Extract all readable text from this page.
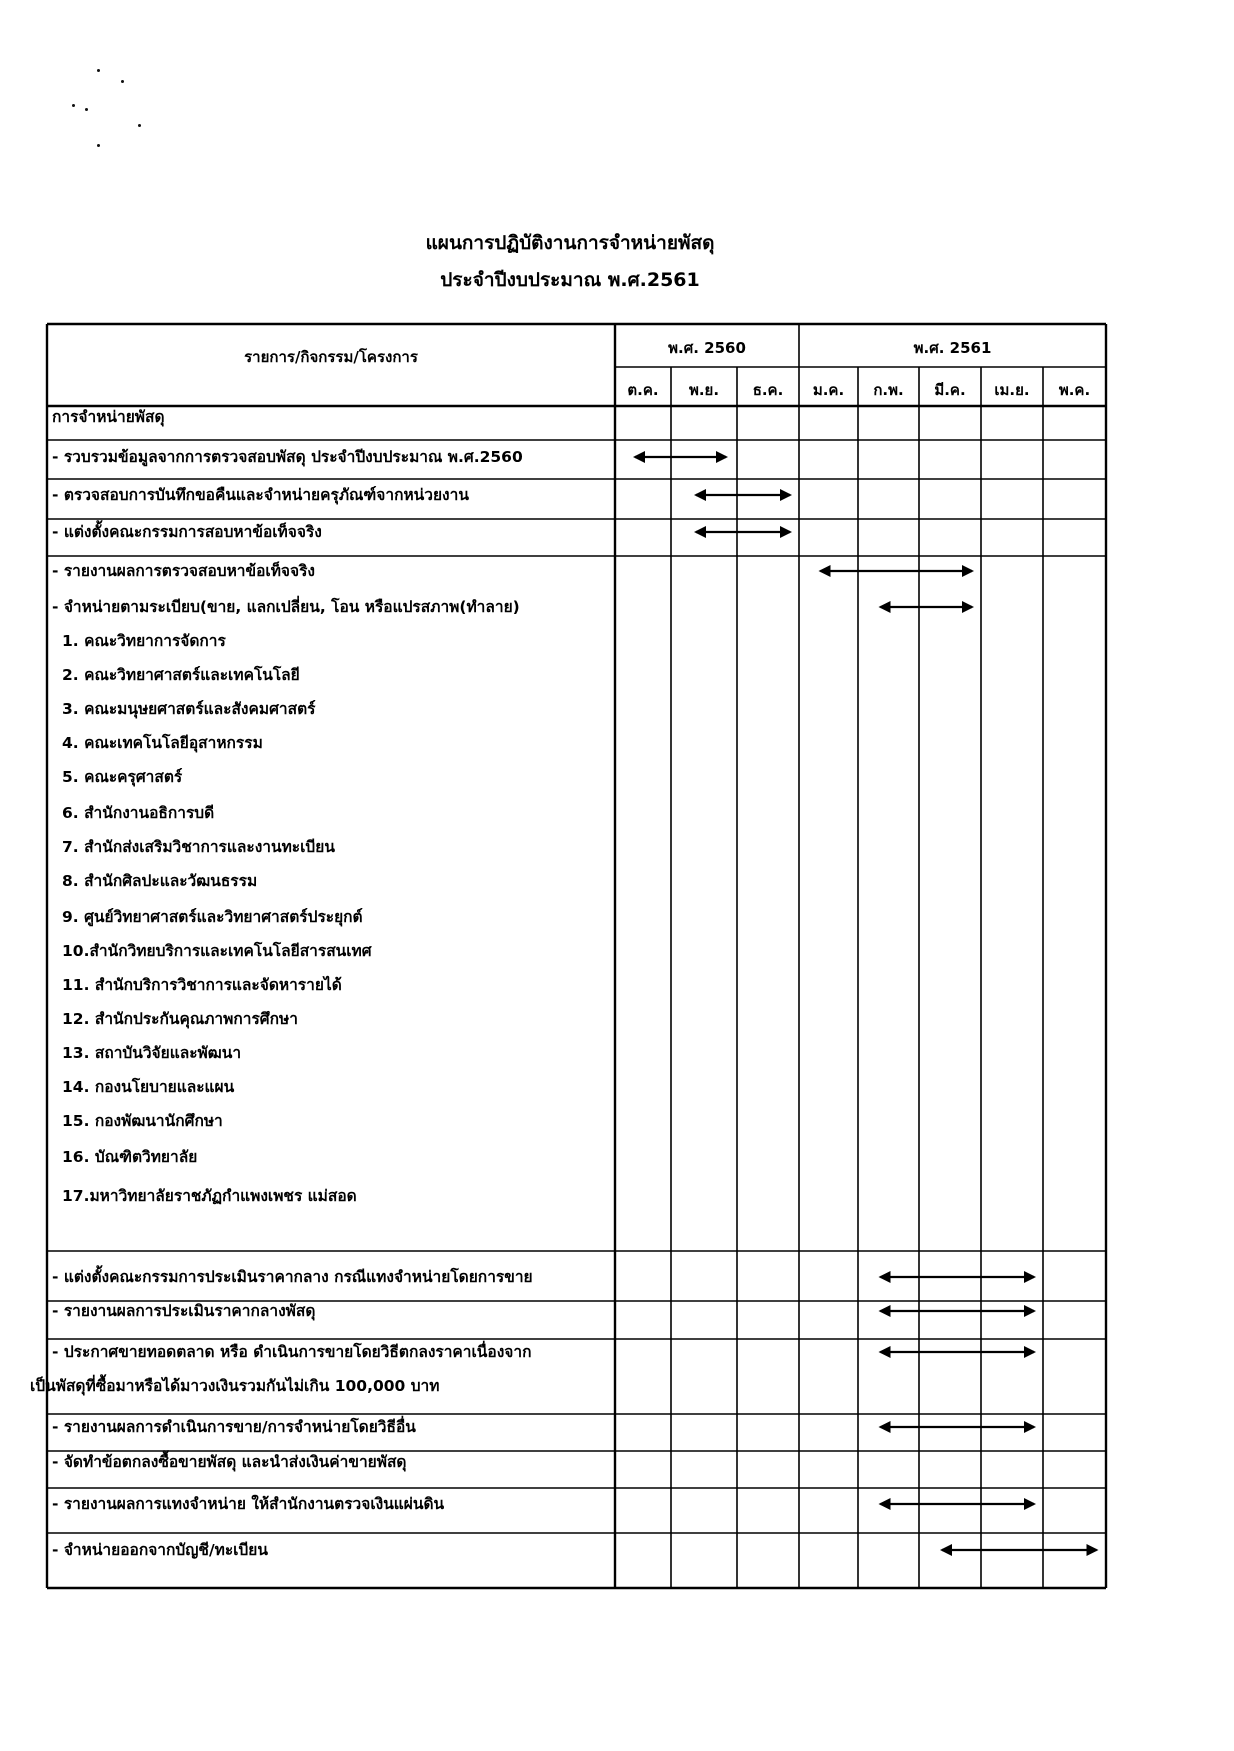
แผนการปฏิบัติงานการจำหน่ายพัสดุ
ประจำปีงบประมาณ พ.ศ.2561
รายการ/กิจกรรม/โครงการ	พ.ศ. 2560	พ.ศ. 2561
ต.ค. พ.ย. ธ.ค. ม.ค. ก.พ. มี.ค. เม.ย. พ.ค.
การจำหน่ายพัสดุ
- รวบรวมข้อมูลจากการตรวจสอบพัสดุ ประจำปีงบประมาณ พ.ศ.2560
- ตรวจสอบการบันทึกขอคืนและจำหน่ายครุภัณฑ์จากหน่วยงาน
- แต่งตั้งคณะกรรมการสอบหาข้อเท็จจริง
- รายงานผลการตรวจสอบหาข้อเท็จจริง
- จำหน่ายตามระเบียบ(ขาย, แลกเปลี่ยน, โอน หรือแปรสภาพ(ทำลาย)
1. คณะวิทยาการจัดการ
2. คณะวิทยาศาสตร์และเทคโนโลยี
3. คณะมนุษยศาสตร์และสังคมศาสตร์
4. คณะเทคโนโลยีอุสาหกรรม
5. คณะครุศาสตร์
6. สำนักงานอธิการบดี
7. สำนักส่งเสริมวิชาการและงานทะเบียน
8. สำนักศิลปะและวัฒนธรรม
9. ศูนย์วิทยาศาสตร์และวิทยาศาสตร์ประยุกต์
10.สำนักวิทยบริการและเทคโนโลยีสารสนเทศ
11. สำนักบริการวิชาการและจัดหารายได้
12. สำนักประกันคุณภาพการศึกษา
13. สถาบันวิจัยและพัฒนา
14. กองนโยบายและแผน
15. กองพัฒนานักศึกษา
16. บัณฑิตวิทยาลัย
17.มหาวิทยาลัยราชภัฏกำแพงเพชร แม่สอด
- แต่งตั้งคณะกรรมการประเมินราคากลาง กรณีแทงจำหน่ายโดยการขาย
- รายงานผลการประเมินราคากลางพัสดุ
- ประกาศขายทอดตลาด หรือ ดำเนินการขายโดยวิธีตกลงราคาเนื่องจาก
เป็นพัสดุที่ซื้อมาหรือได้มาวงเงินรวมกันไม่เกิน 100,000 บาท
- รายงานผลการดำเนินการขาย/การจำหน่ายโดยวิธีอื่น
- จัดทำข้อตกลงซื้อขายพัสดุ และนำส่งเงินค่าขายพัสดุ
- รายงานผลการแทงจำหน่าย ให้สำนักงานตรวจเงินแผ่นดิน
- จำหน่ายออกจากบัญชี/ทะเบียน
